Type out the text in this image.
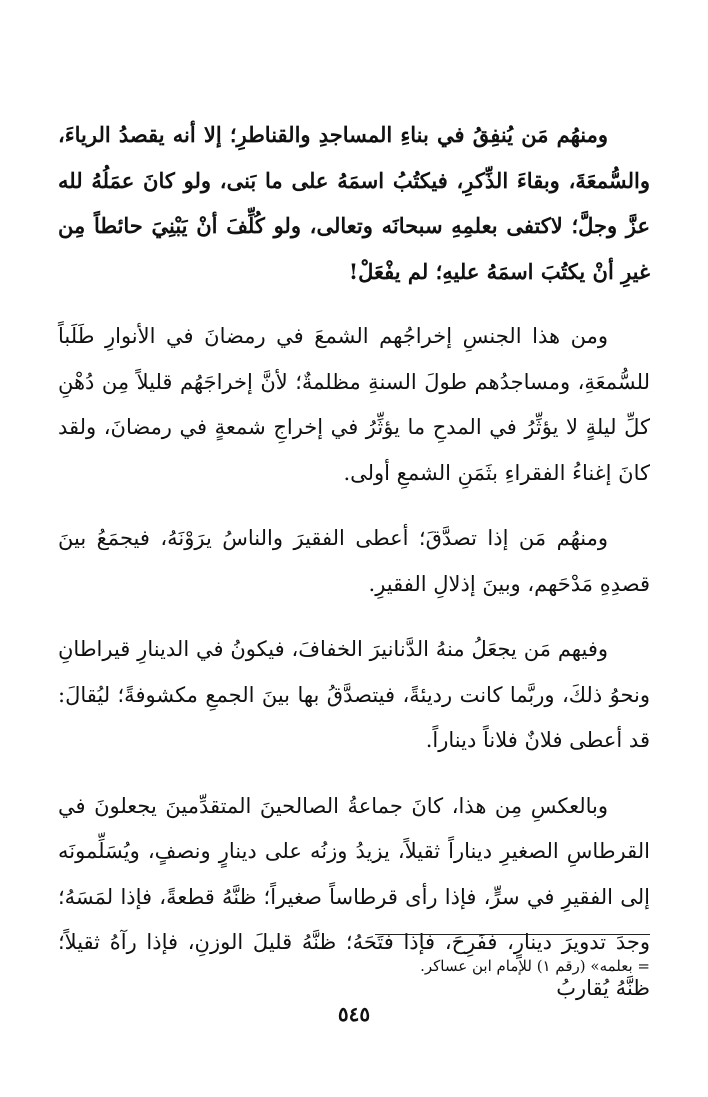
ومنهُم مَن يُنفِقُ في بناءِ المساجدِ والقناطرِ؛ إلا أنه يقصدُ الرياءَ، والسُّمعَةَ، وبقاءَ الذِّكرِ، فيكتُبُ اسمَهُ على ما بَنى، ولو كانَ عمَلُهُ لله عزَّ وجلَّ؛ لاكتفى بعلمِهِ سبحانَه وتعالى، ولو كُلِّفَ أنْ يَبْنِيَ حائطاً مِن غيرِ أنْ يكتُبَ اسمَهُ عليهِ؛ لم يفْعَلْ!

ومن هذا الجنسِ إخراجُهم الشمعَ في رمضانَ في الأنوارِ طَلَباً للسُّمعَةِ، ومساجدُهم طولَ السنةِ مظلمةٌ؛ لأنَّ إخراجَهُم قليلاً مِن دُهْنِ كلِّ ليلةٍ لا يؤثِّرُ في المدحِ ما يؤثِّرُ في إخراجِ شمعةٍ في رمضانَ، ولقد كانَ إغناءُ الفقراءِ بثَمَنِ الشمعِ أولى.

ومنهُم مَن إذا تصدَّقَ؛ أعطى الفقيرَ والناسُ يرَوْنَهُ، فيجمَعُ بينَ قصدِهِ مَدْحَهم، وبينَ إذلالِ الفقيرِ.

وفيهم مَن يجعَلُ منهُ الدَّنانيرَ الخفافَ، فيكونُ في الدينارِ قيراطانِ ونحوُ ذلكَ، وربَّما كانت رديئةً، فيتصدَّقُ بها بينَ الجمعِ مكشوفةً؛ ليُقالَ: قد أعطى فلانٌ فلاناً ديناراً.

وبالعكسِ مِن هذا، كانَ جماعةُ الصالحينَ المتقدِّمينَ يجعلونَ في القرطاسِ الصغيرِ ديناراً ثقيلاً، يزيدُ وزنُه على دينارٍ ونصفٍ، ويُسَلِّمونَه إلى الفقيرِ في سرٍّ، فإذا رأى قرطاساً صغيراً؛ ظنَّهُ قطعةً، فإذا لمَسَهُ؛ وجدَ تدويرَ دينارٍ، ففَرِحَ، فإذا فتَحَهُ؛ ظنَّهُ قليلَ الوزنِ، فإذا رآهُ ثقيلاً؛ ظنَّهُ يُقاربُ

= بعلمه» (رقم ١) للإمام ابن عساكر.

٥٤٥
